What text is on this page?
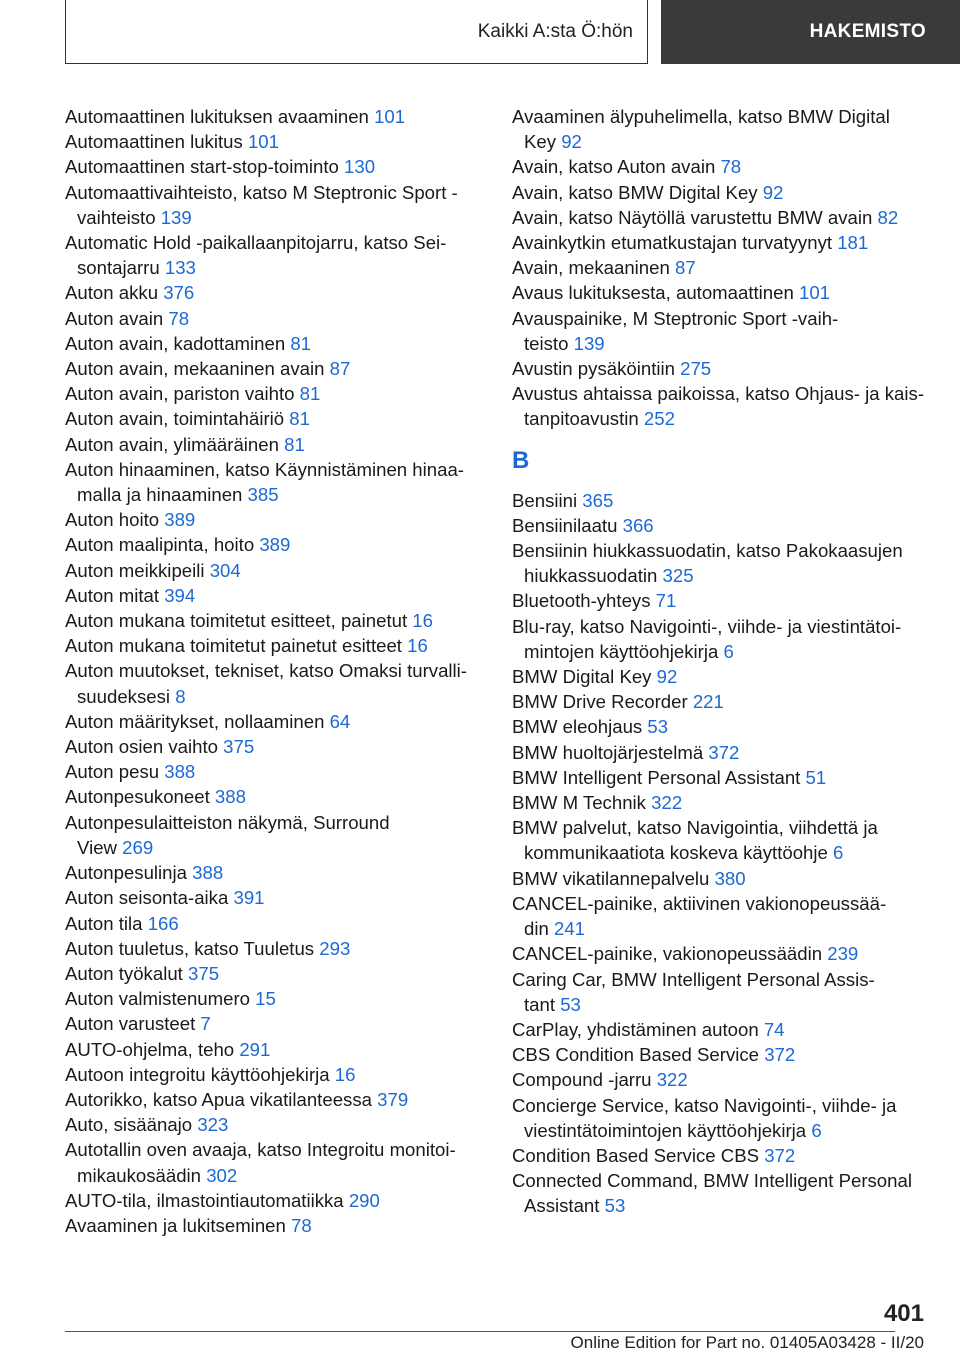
Kaikki A:sta Ö:hön	HAKEMISTO
Automaattinen lukituksen avaaminen 101
Automaattinen lukitus 101
Automaattinen start-stop-toiminto 130
Automaattivaihteisto, katso M Steptronic Sport -
vaihteisto 139
Automatic Hold -paikallaanpitojarru, katso Sei-
sontajarru 133
Auton akku 376
Auton avain 78
Auton avain, kadottaminen 81
Auton avain, mekaaninen avain 87
Auton avain, pariston vaihto 81
Auton avain, toimintahäiriö 81
Auton avain, ylimääräinen 81
Auton hinaaminen, katso Käynnistäminen hinaa-
malla ja hinaaminen 385
Auton hoito 389
Auton maalipinta, hoito 389
Auton meikkipeili 304
Auton mitat 394
Auton mukana toimitetut esitteet, painetut 16
Auton mukana toimitetut painetut esitteet 16
Auton muutokset, tekniset, katso Omaksi turvalli-
suudeksesi 8
Auton määritykset, nollaaminen 64
Auton osien vaihto 375
Auton pesu 388
Autonpesukoneet 388
Autonpesulaitteiston näkymä, Surround
View 269
Autonpesulinja 388
Auton seisonta-aika 391
Auton tila 166
Auton tuuletus, katso Tuuletus 293
Auton työkalut 375
Auton valmistenumero 15
Auton varusteet 7
AUTO-ohjelma, teho 291
Autoon integroitu käyttöohjekirja 16
Autorikko, katso Apua vikatilanteessa 379
Auto, sisäänajo 323
Autotallin oven avaaja, katso Integroitu monitoi-
mikaukosäädin 302
AUTO-tila, ilmastointiautomatiikka 290
Avaaminen ja lukitseminen 78
Avaaminen älypuhelimella, katso BMW Digital
Key 92
Avain, katso Auton avain 78
Avain, katso BMW Digital Key 92
Avain, katso Näytöllä varustettu BMW avain 82
Avainkytkin etumatkustajan turvatyynyt 181
Avain, mekaaninen 87
Avaus lukituksesta, automaattinen 101
Avauspainike, M Steptronic Sport -vaih-
teisto 139
Avustin pysäköintiin 275
Avustus ahtaissa paikoissa, katso Ohjaus- ja kais-
tanpitoavustin 252
B
Bensiini 365
Bensiinilaatu 366
Bensiinin hiukkassuodatin, katso Pakokaasujen
hiukkassuodatin 325
Bluetooth-yhteys 71
Blu-ray, katso Navigointi-, viihde- ja viestintätoi-
mintojen käyttöohjekirja 6
BMW Digital Key 92
BMW Drive Recorder 221
BMW eleohjaus 53
BMW huoltojärjestelmä 372
BMW Intelligent Personal Assistant 51
BMW M Technik 322
BMW palvelut, katso Navigointia, viihdettä ja
kommunikaatiota koskeva käyttöohje 6
BMW vikatilannepalvelu 380
CANCEL-painike, aktiivinen vakionopeussää-
din 241
CANCEL-painike, vakionopeussäädin 239
Caring Car, BMW Intelligent Personal Assis-
tant 53
CarPlay, yhdistäminen autoon 74
CBS Condition Based Service 372
Compound -jarru 322
Concierge Service, katso Navigointi-, viihde- ja
viestintätoimintojen käyttöohjekirja 6
Condition Based Service CBS 372
Connected Command, BMW Intelligent Personal
Assistant 53
401
Online Edition for Part no. 01405A03428 - II/20
